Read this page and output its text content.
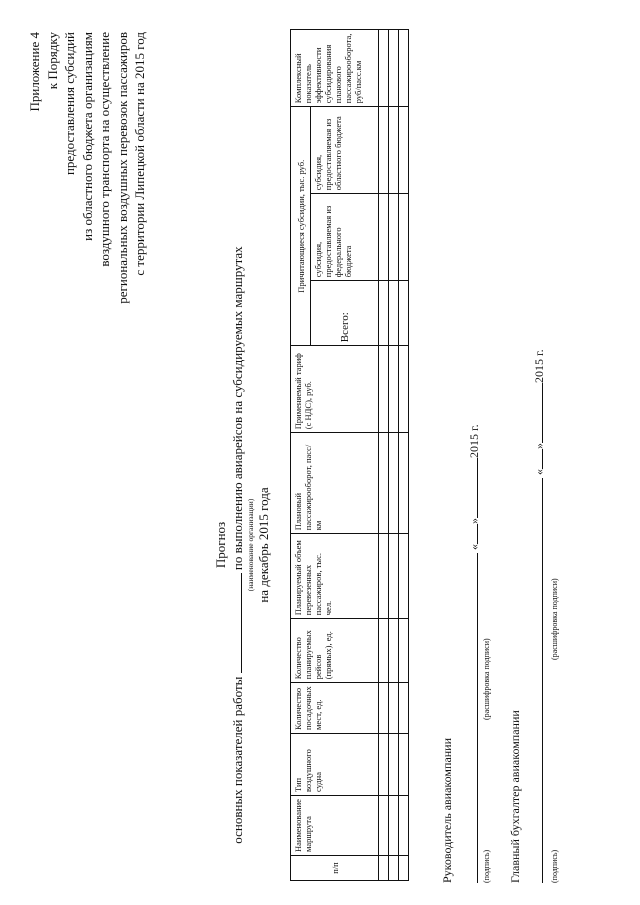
Приложение 4 к Порядку предоставления субсидий из областного бюджета организациям воздушного транспорта на осуществление региональных воздушных перевозок пассажиров с территории Липецкой области на 2015 год
Прогноз
основных показателей работы  по выполнению авиарейсов на субсидируемых маршрутах (наименование организации) на декабрь 2015 года
п/п	Наименование маршрута	Тип воздушного судна	Количество посадочных мест, ед.	Количество планируемых рейсов (прямых), ед.	Планируемый объем перевезенных пассажиров, тыс. чел.	Плановый пассажирооборот, пасс/км	Применяемый тариф (с НДС), руб.	Причитающиеся субсидии, тыс. руб.			Комплексный показатель эффективности субсидирования планового пассажирооборота, руб/пасс.км
								Всего:	субсидия, предоставляемая из федерального бюджета	субсидия, предоставляемая из областного бюджета	

Руководитель авиакомпании
«»2015 г.
(подпись)
(расшифровка подписи)
Главный бухгалтер авиакомпании
«»2015 г.
(подпись)
(расшифровка подписи)
